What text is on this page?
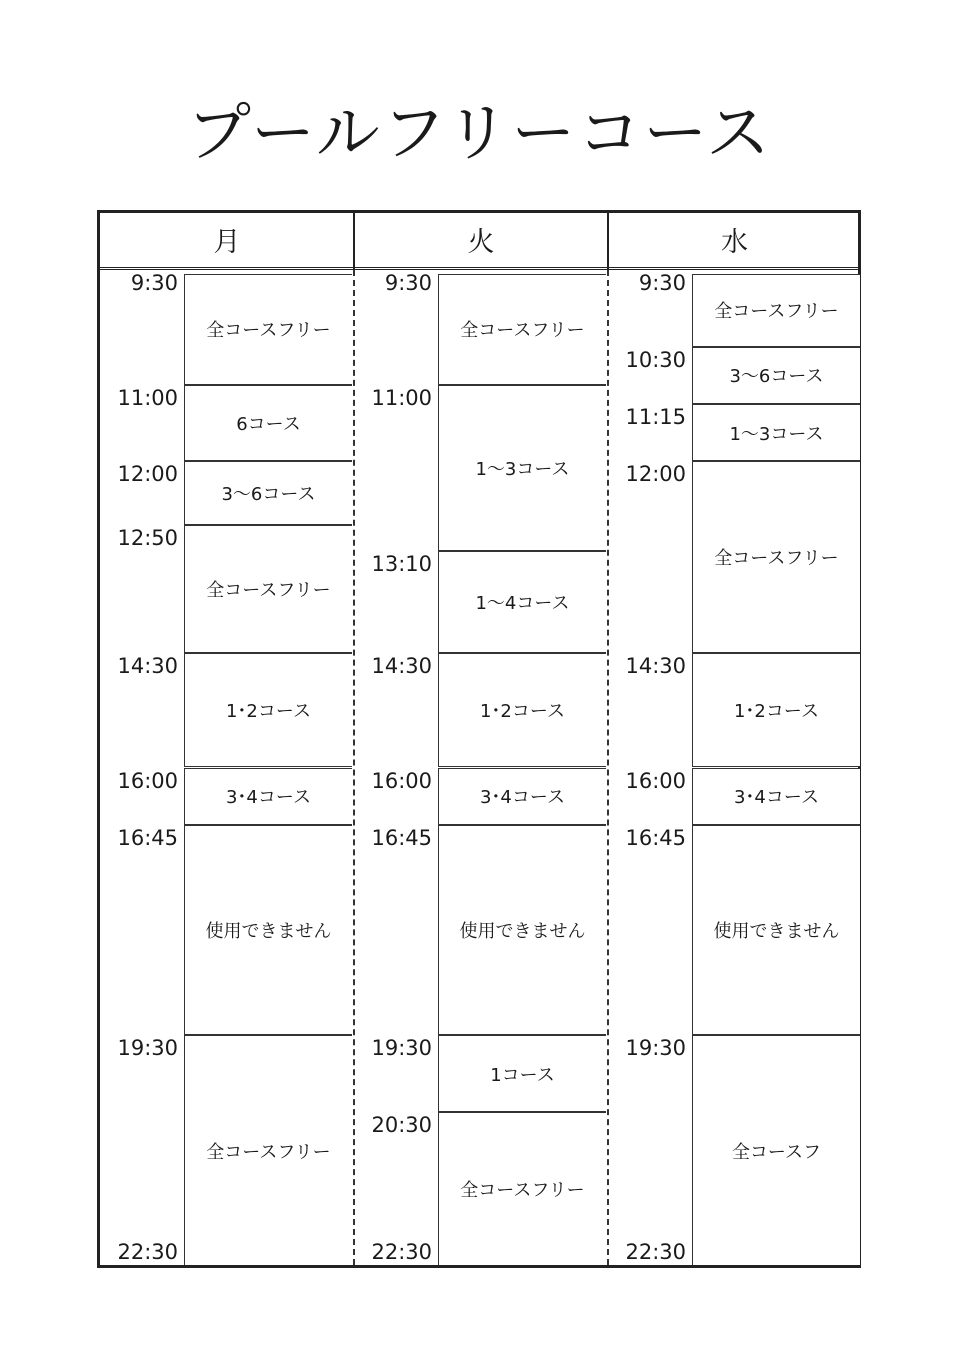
プールフリーコース
月	火	水
9:30
11:00
12:00
12:50
14:30
16:00
16:45
19:30
22:30
全コースフリー
6コース
3〜6コース
全コースフリー
1･2コース
3･4コース
使用できません
全コースフリー
9:30
11:00
13:10
14:30
16:00
16:45
19:30
20:30
22:30
全コースフリー
1〜3コース
1〜4コース
1･2コース
3･4コース
使用できません
1コース
全コースフリー
9:30
10:30
11:15
12:00
14:30
16:00
16:45
19:30
22:30
全コースフリー
3〜6コース
1〜3コース
全コースフリー
1･2コース
3･4コース
使用できません
全コースフ
